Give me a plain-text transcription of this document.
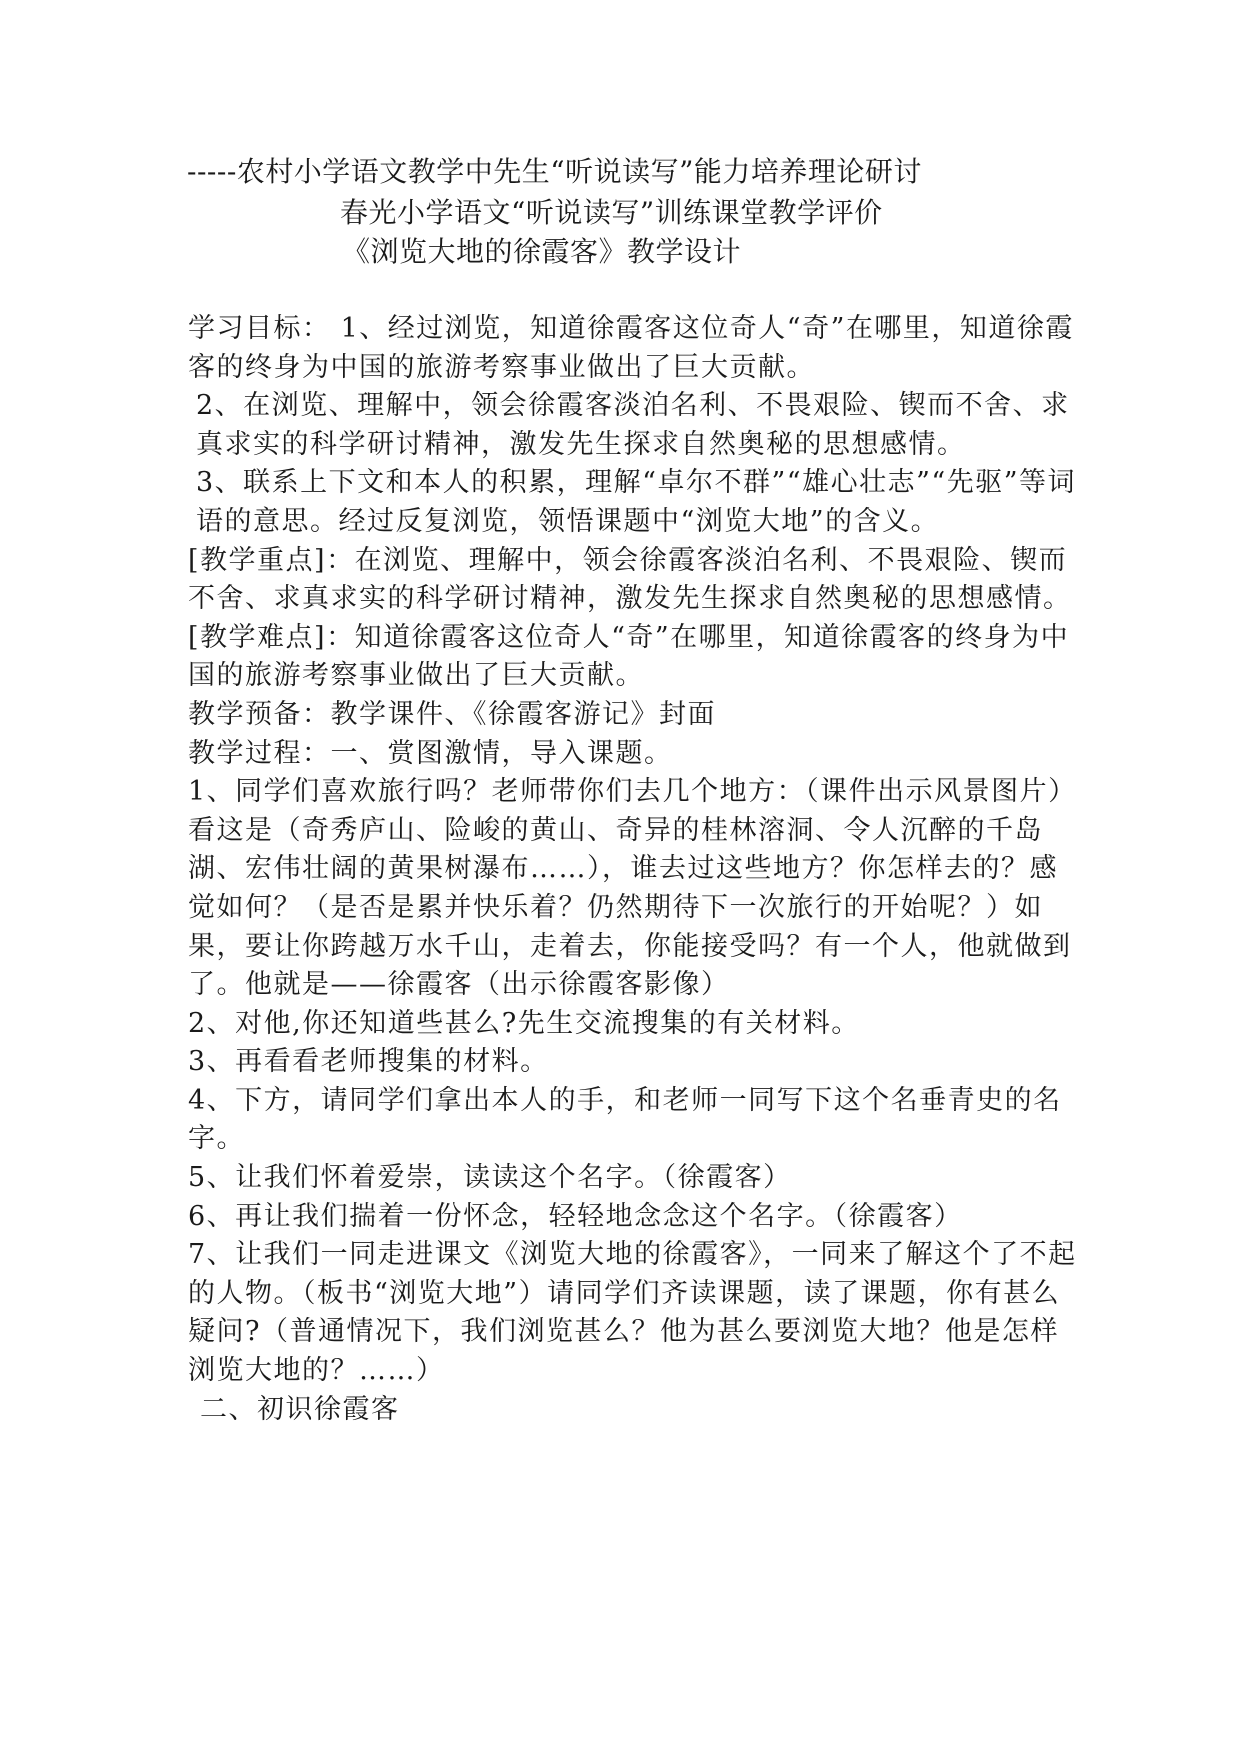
-----农村小学语文教学中先生“听说读写”能力培养理论研讨
春光小学语文“听说读写”训练课堂教学评价
《浏览大地的徐霞客》教学设计

学习目标： 1、经过浏览，知道徐霞客这位奇人“奇”在哪里，知道徐霞客的终身为中国的旅游考察事业做出了巨大贡献。

2、在浏览、理解中，领会徐霞客淡泊名利、不畏艰险、锲而不舍、求真求实的科学研讨精神，激发先生探求自然奥秘的思想感情。

3、联系上下文和本人的积累，理解“卓尔不群”“雄心壮志”“先驱”等词语的意思。经过反复浏览，领悟课题中“浏览大地”的含义。

[教学重点]：在浏览、理解中，领会徐霞客淡泊名利、不畏艰险、锲而不舍、求真求实的科学研讨精神，激发先生探求自然奥秘的思想感情。

[教学难点]：知道徐霞客这位奇人“奇”在哪里，知道徐霞客的终身为中国的旅游考察事业做出了巨大贡献。

教学预备：教学课件、《徐霞客游记》封面

教学过程：一、赏图激情，导入课题。

1、同学们喜欢旅行吗？老师带你们去几个地方：（课件出示风景图片）看这是（奇秀庐山、险峻的黄山、奇异的桂林溶洞、令人沉醉的千岛湖、宏伟壮阔的黄果树瀑布……），谁去过这些地方？你怎样去的？感觉如何？（是否是累并快乐着？仍然期待下一次旅行的开始呢？）如果，要让你跨越万水千山，走着去，你能接受吗？有一个人，他就做到了。他就是——徐霞客（出示徐霞客影像）

2、对他,你还知道些甚么?先生交流搜集的有关材料。

3、再看看老师搜集的材料。

4、下方，请同学们拿出本人的手，和老师一同写下这个名垂青史的名字。

5、让我们怀着爱崇，读读这个名字。（徐霞客）

6、再让我们揣着一份怀念，轻轻地念念这个名字。（徐霞客）

7、让我们一同走进课文《浏览大地的徐霞客》，一同来了解这个了不起的人物。（板书“浏览大地”）请同学们齐读课题，读了课题，你有甚么疑问?（普通情况下，我们浏览甚么？他为甚么要浏览大地？他是怎样浏览大地的？……）

二、初识徐霞客
